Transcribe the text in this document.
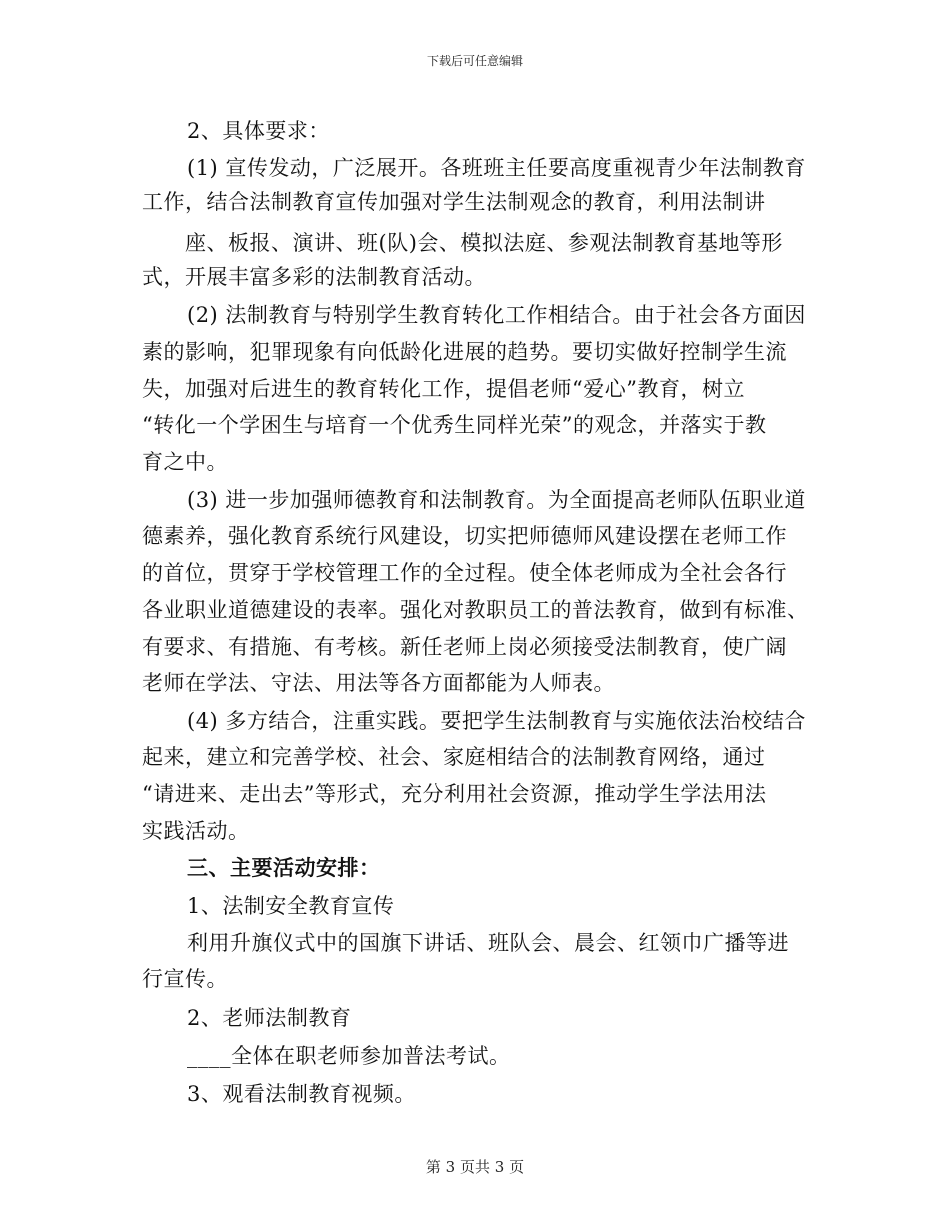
下载后可任意编辑
2、具体要求：
(1) 宣传发动，广泛展开。各班班主任要高度重视青少年法制教育
工作，结合法制教育宣传加强对学生法制观念的教育，利用法制讲
座、板报、演讲、班(队)会、模拟法庭、参观法制教育基地等形
式，开展丰富多彩的法制教育活动。
(2) 法制教育与特别学生教育转化工作相结合。由于社会各方面因
素的影响，犯罪现象有向低龄化进展的趋势。要切实做好控制学生流
失，加强对后进生的教育转化工作，提倡老师“爱心”教育，树立
“转化一个学困生与培育一个优秀生同样光荣”的观念，并落实于教
育之中。
(3) 进一步加强师德教育和法制教育。为全面提高老师队伍职业道
德素养，强化教育系统行风建设，切实把师德师风建设摆在老师工作
的首位，贯穿于学校管理工作的全过程。使全体老师成为全社会各行
各业职业道德建设的表率。强化对教职员工的普法教育，做到有标准、
有要求、有措施、有考核。新任老师上岗必须接受法制教育，使广阔
老师在学法、守法、用法等各方面都能为人师表。
(4) 多方结合，注重实践。要把学生法制教育与实施依法治校结合
起来，建立和完善学校、社会、家庭相结合的法制教育网络，通过
“请进来、走出去”等形式，充分利用社会资源，推动学生学法用法
实践活动。
三、主要活动安排：
1、法制安全教育宣传
利用升旗仪式中的国旗下讲话、班队会、晨会、红领巾广播等进
行宣传。
2、老师法制教育
____全体在职老师参加普法考试。
3、观看法制教育视频。
第 3 页共 3 页
